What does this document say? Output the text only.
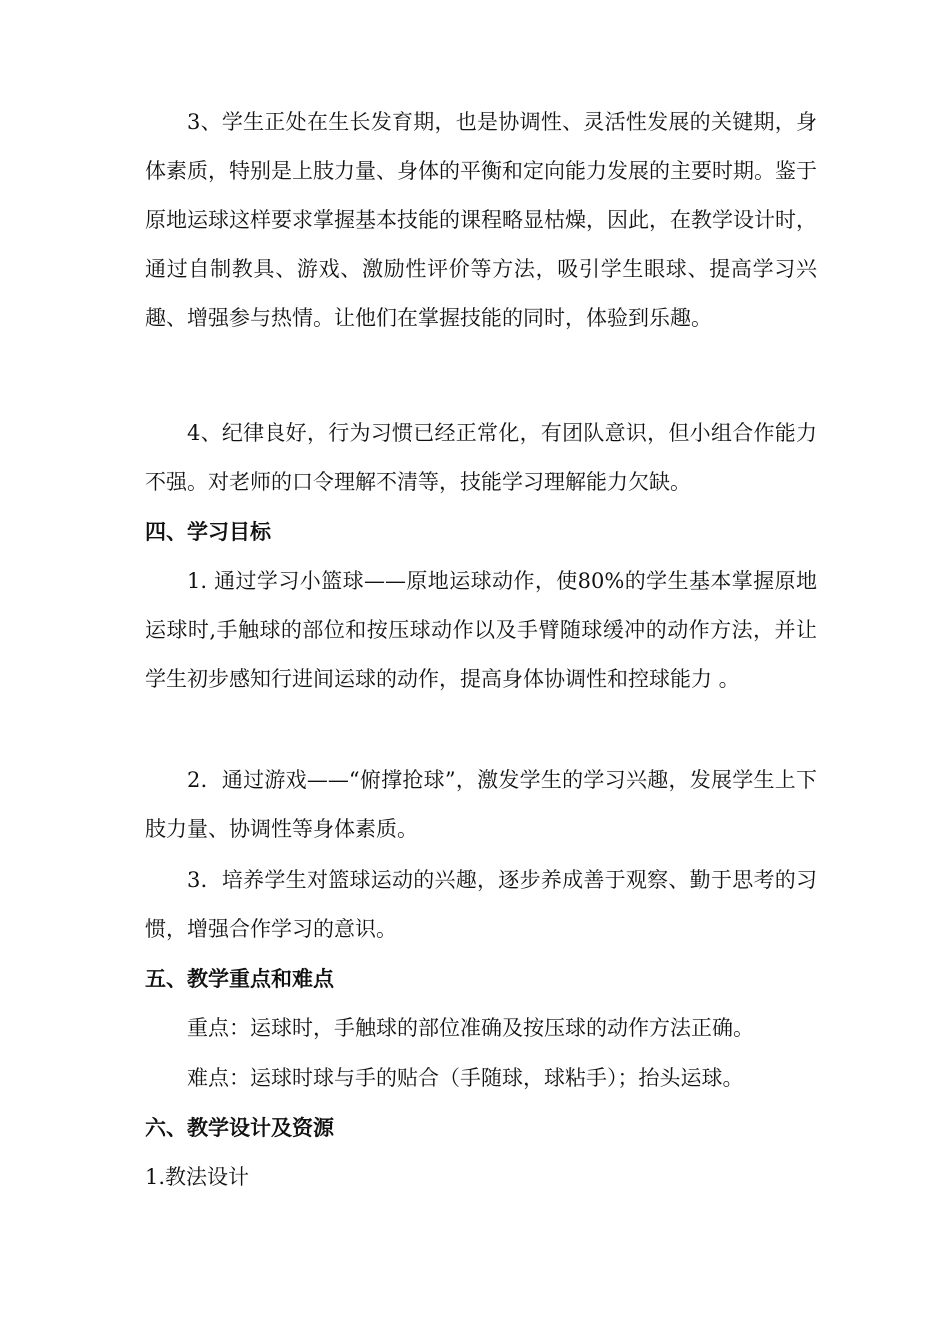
3、学生正处在生长发育期，也是协调性、灵活性发展的关键期，身体素质，特别是上肢力量、身体的平衡和定向能力发展的主要时期。鉴于原地运球这样要求掌握基本技能的课程略显枯燥，因此，在教学设计时，通过自制教具、游戏、激励性评价等方法，吸引学生眼球、提高学习兴趣、增强参与热情。让他们在掌握技能的同时，体验到乐趣。

4、纪律良好，行为习惯已经正常化，有团队意识，但小组合作能力不强。对老师的口令理解不清等，技能学习理解能力欠缺。

四、学习目标

1. 通过学习小篮球——原地运球动作，使80%的学生基本掌握原地运球时,手触球的部位和按压球动作以及手臂随球缓冲的动作方法，并让学生初步感知行进间运球的动作，提高身体协调性和控球能力 。

2．通过游戏——“俯撑抢球”，激发学生的学习兴趣，发展学生上下肢力量、协调性等身体素质。

3．培养学生对篮球运动的兴趣，逐步养成善于观察、勤于思考的习惯，增强合作学习的意识。

五、教学重点和难点

重点：运球时，手触球的部位准确及按压球的动作方法正确。

难点：运球时球与手的贴合（手随球，球粘手）；抬头运球。

六、教学设计及资源

1.教法设计
